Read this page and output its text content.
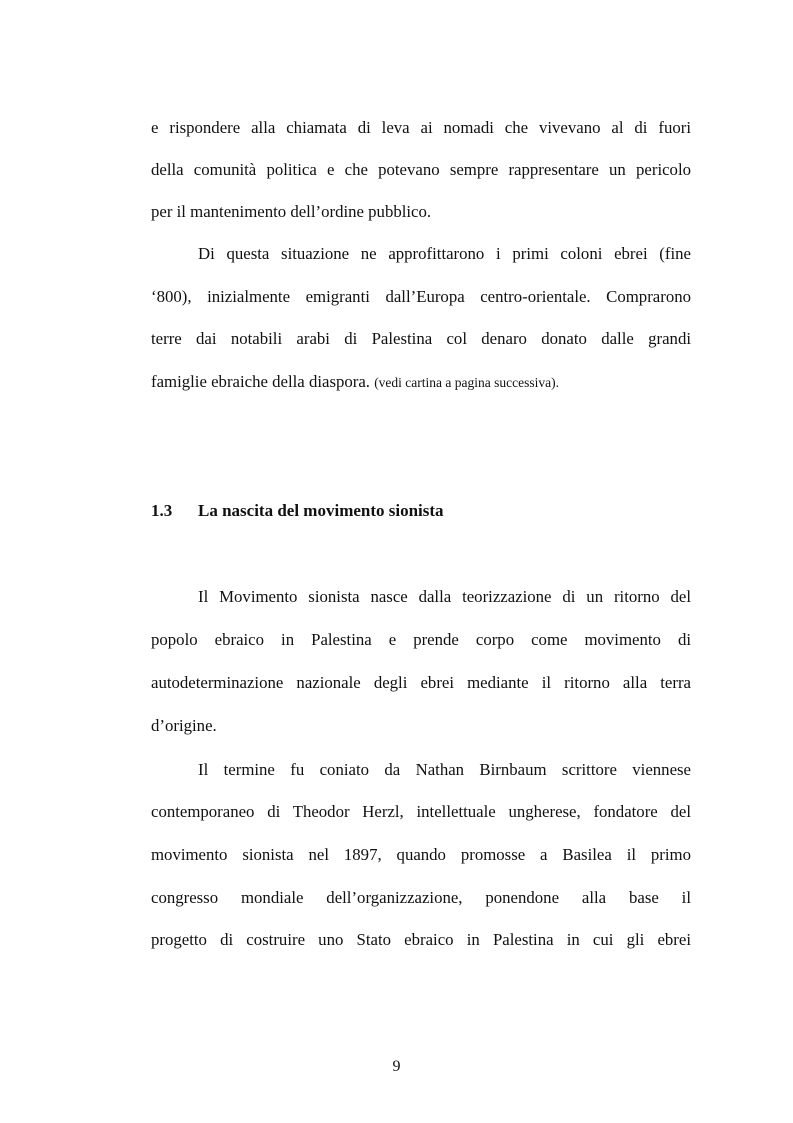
e rispondere alla chiamata di leva ai nomadi che vivevano al di fuori
della comunità politica e che potevano sempre rappresentare un pericolo
per il mantenimento dell’ordine pubblico.
Di questa situazione ne approfittarono i primi coloni ebrei (fine
‘800), inizialmente emigranti dall’Europa centro-orientale. Comprarono
terre dai notabili arabi di Palestina col denaro donato dalle grandi
famiglie ebraiche della diaspora. (vedi cartina a pagina successiva).
1.3 La nascita del movimento sionista
Il Movimento sionista nasce dalla teorizzazione di un ritorno del
popolo ebraico in Palestina e prende corpo come movimento di
autodeterminazione nazionale degli ebrei mediante il ritorno alla terra
d’origine.
Il termine fu coniato da Nathan Birnbaum scrittore viennese
contemporaneo di Theodor Herzl, intellettuale ungherese, fondatore del
movimento sionista nel 1897, quando promosse a Basilea il primo
congresso mondiale dell’organizzazione, ponendone alla base il
progetto di costruire uno Stato ebraico in Palestina in cui gli ebrei
9
